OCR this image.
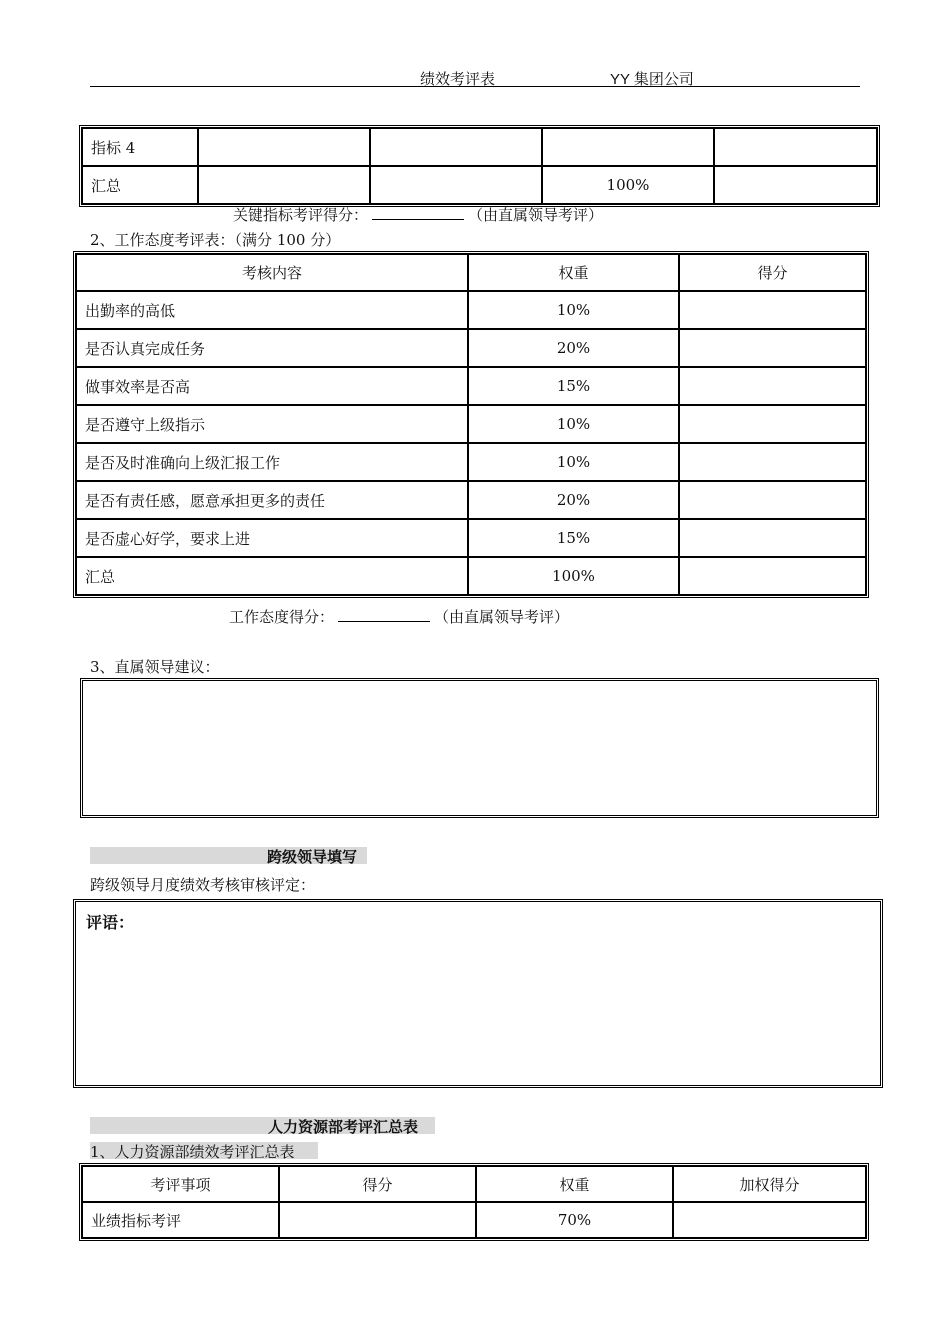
绩效考评表	YY 集团公司
指标 4				
汇总			100%	
关键指标考评得分：	（由直属领导考评）
2、工作态度考评表：（满分 100 分）
考核内容	权重	得分
出勤率的高低	10%	
是否认真完成任务	20%	
做事效率是否高	15%	
是否遵守上级指示	10%	
是否及时准确向上级汇报工作	10%	
是否有责任感，愿意承担更多的责任	20%	
是否虚心好学，要求上进	15%	
汇总	100%	
工作态度得分：	（由直属领导考评）
3、直属领导建议：
跨级领导填写
跨级领导月度绩效考核审核评定：
评语：
人力资源部考评汇总表
1、人力资源部绩效考评汇总表
考评事项	得分	权重	加权得分
业绩指标考评		70%	
